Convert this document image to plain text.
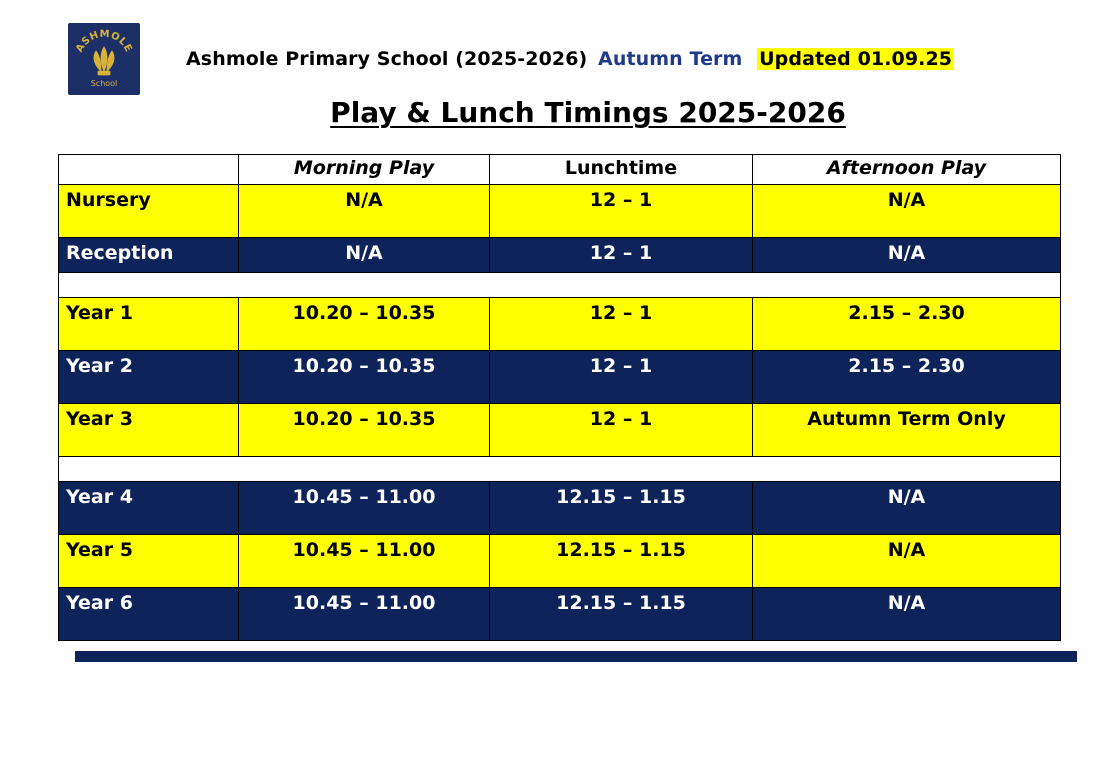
ASHMOLE
School
Ashmole Primary School (2025-2026) Autumn Term Updated 01.09.25
Play & Lunch Timings 2025-2026
	Morning Play	Lunchtime	Afternoon Play
Nursery	N/A	12 – 1	N/A
Reception	N/A	12 – 1	N/A

Year 1	10.20 – 10.35	12 – 1	2.15 – 2.30
Year 2	10.20 – 10.35	12 – 1	2.15 – 2.30
Year 3	10.20 – 10.35	12 – 1	Autumn Term Only

Year 4	10.45 – 11.00	12.15 – 1.15	N/A
Year 5	10.45 – 11.00	12.15 – 1.15	N/A
Year 6	10.45 – 11.00	12.15 – 1.15	N/A
